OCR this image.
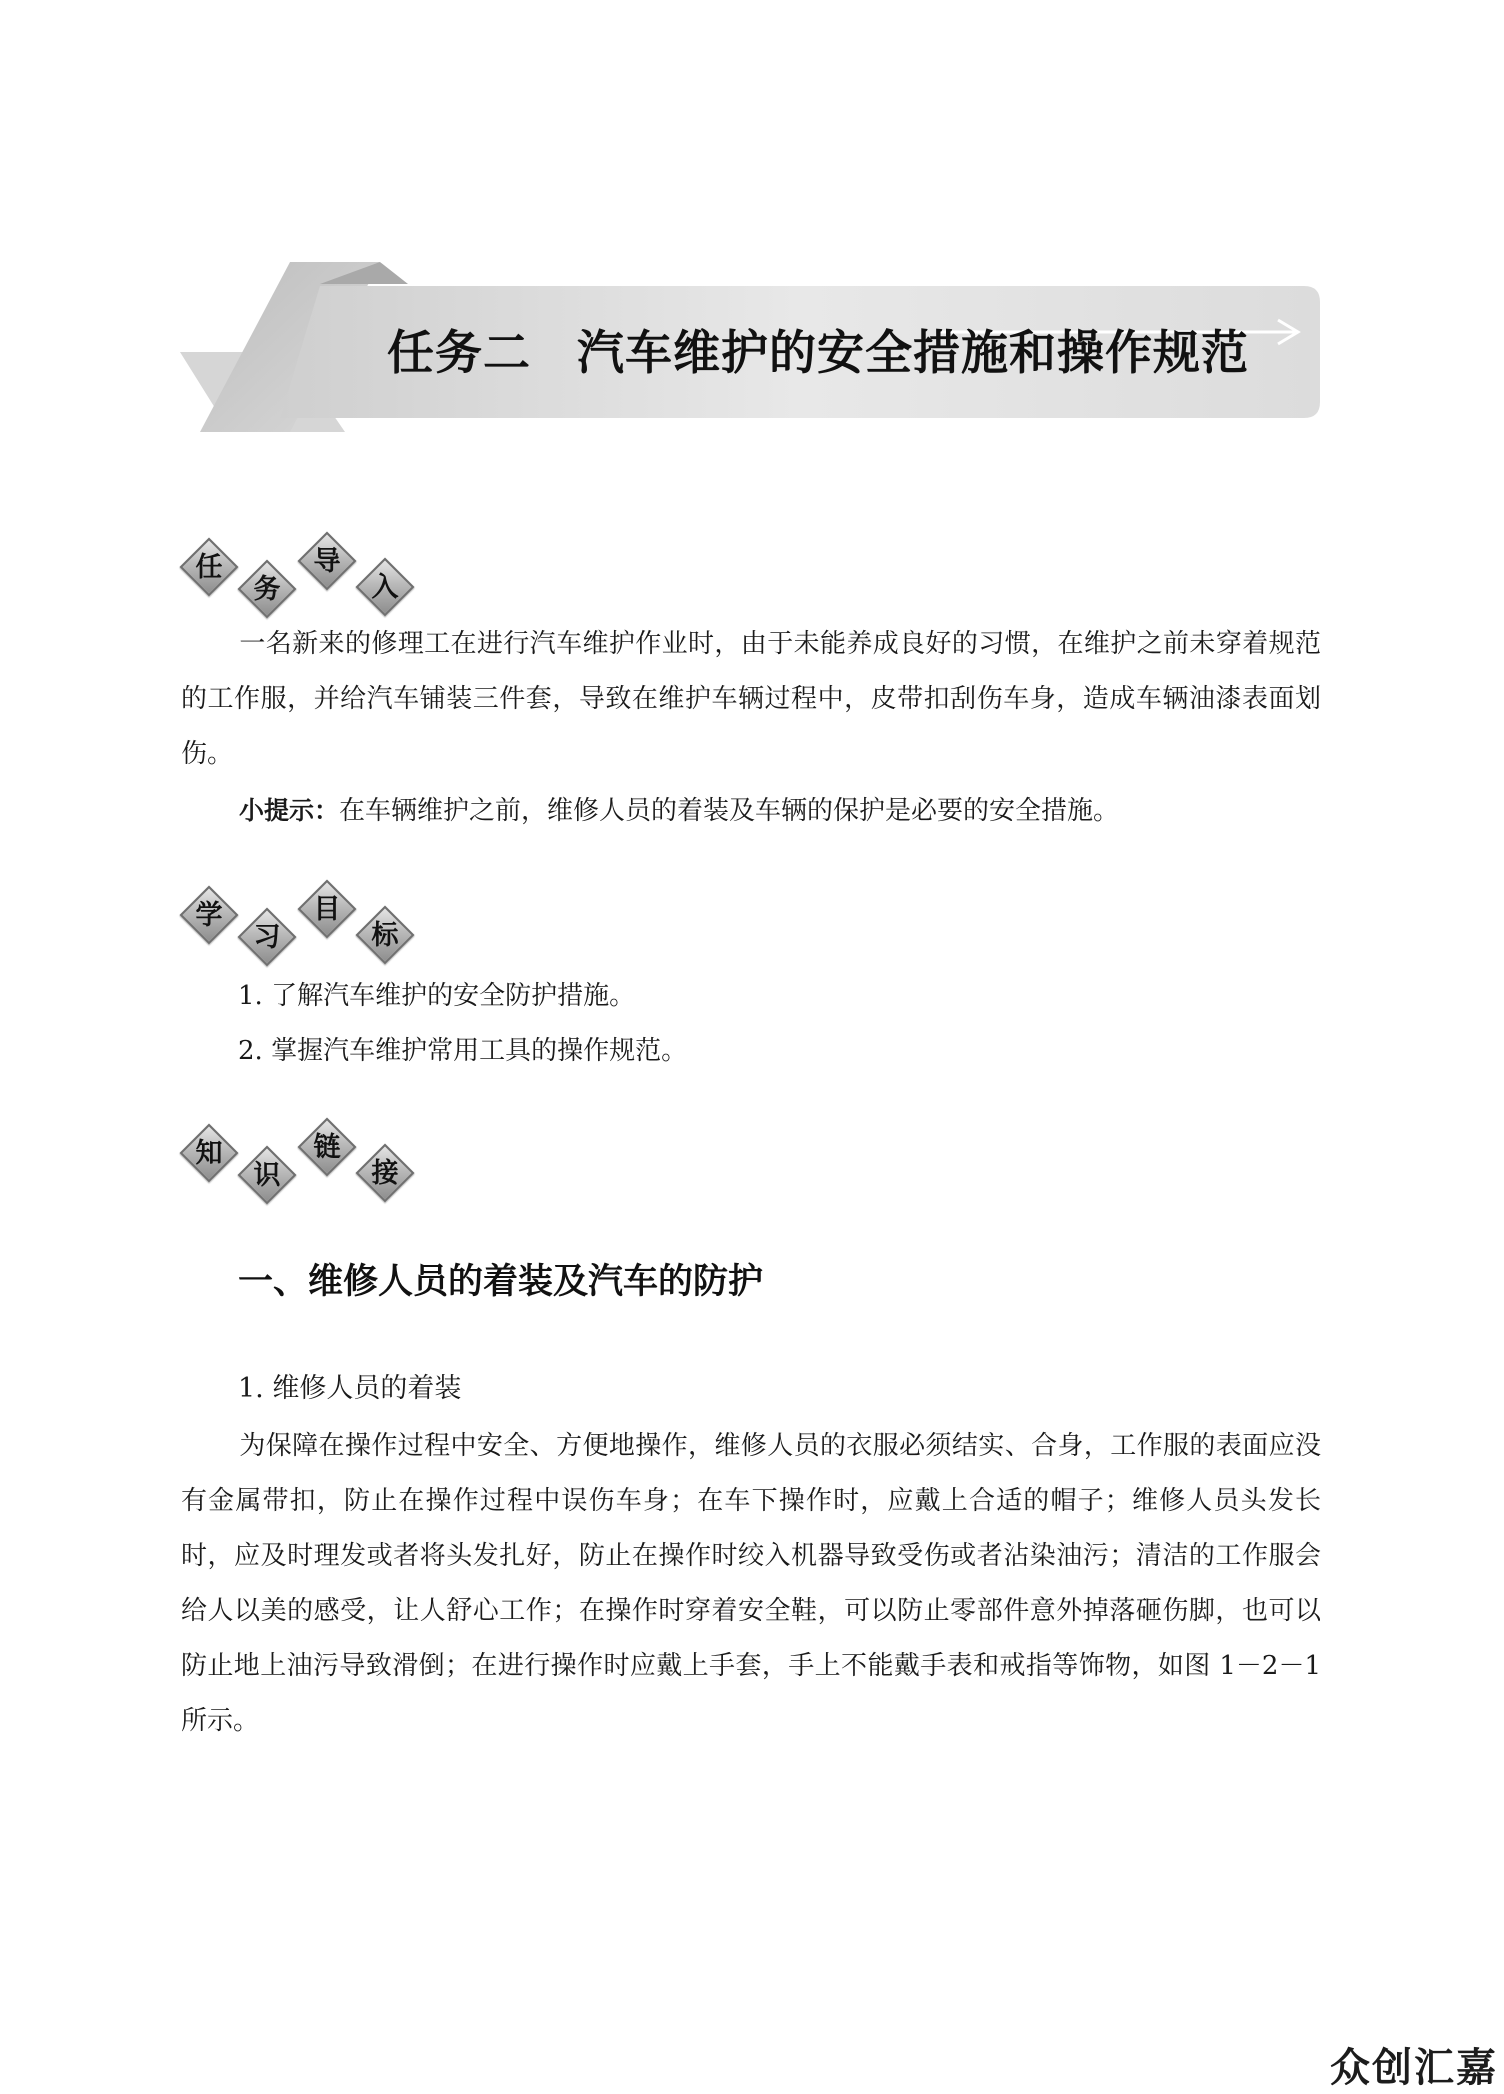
任务二 汽车维护的安全措施和操作规范
任
务
导
入

一名新来的修理工在进行汽车维护作业时，由于未能养成良好的习惯，在维护之前未穿着规范的工作服，并给汽车铺装三件套，导致在维护车辆过程中，皮带扣刮伤车身，造成车辆油漆表面划伤。

小提示：在车辆维护之前，维修人员的着装及车辆的保护是必要的安全措施。

学
习
目
标
1. 了解汽车维护的安全防护措施。
2. 掌握汽车维护常用工具的操作规范。
知
识
链
接
一、维修人员的着装及汽车的防护
1. 维修人员的着装

为保障在操作过程中安全、方便地操作，维修人员的衣服必须结实、合身，工作服的表面应没有金属带扣，防止在操作过程中误伤车身；在车下操作时，应戴上合适的帽子；维修人员头发长时，应及时理发或者将头发扎好，防止在操作时绞入机器导致受伤或者沾染油污；清洁的工作服会给人以美的感受，让人舒心工作；在操作时穿着安全鞋，可以防止零部件意外掉落砸伤脚，也可以防止地上油污导致滑倒；在进行操作时应戴上手套，手上不能戴手表和戒指等饰物，如图 1－2－1 所示。

众创汇嘉
